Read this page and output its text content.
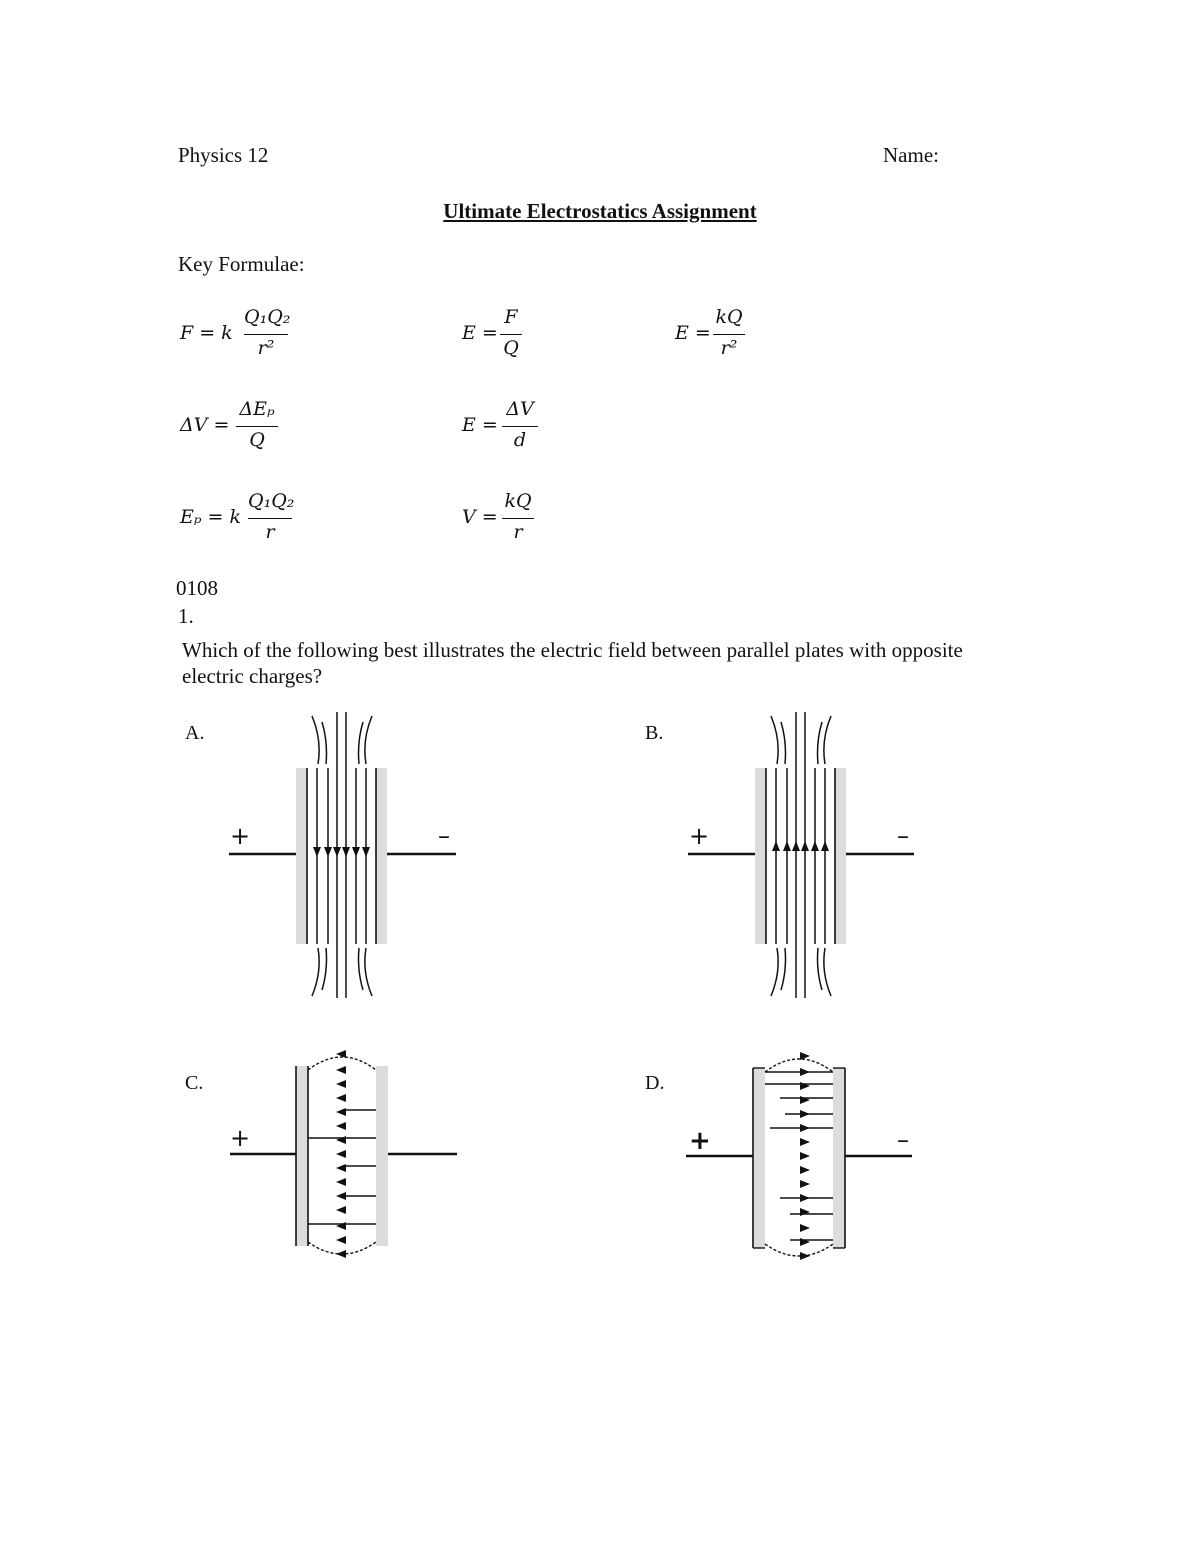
Physics 12	Name:
Ultimate Electrostatics Assignment
Key Formulae:
F = k
Q₁Q₂
r²
E =
F
Q
E =
kQ
r²
ΔV =
ΔEₚ
Q
E =
ΔV
d
Eₚ = k
Q₁Q₂
r
V =
kQ
r
0108
1.
Which of the following best illustrates the electric field between parallel plates with opposite
electric charges?
A.	B.
C.	D.
+	–	+	–
+	+	–
